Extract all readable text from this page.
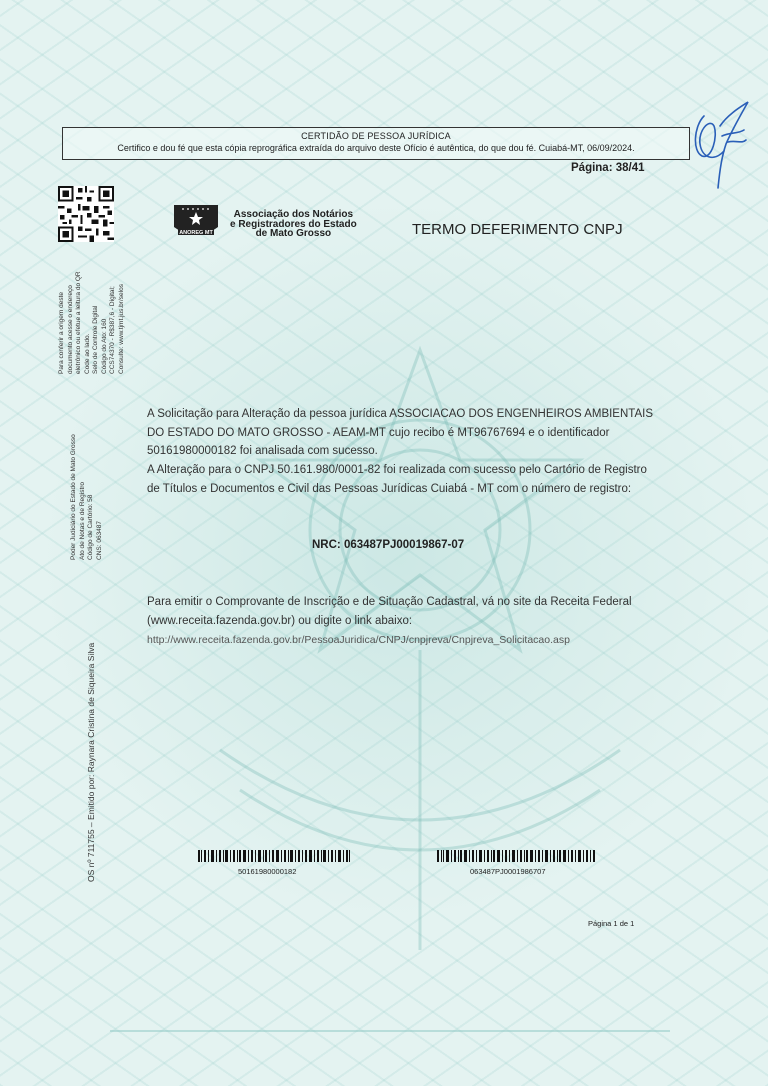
CERTIDÃO DE PESSOA JURÍDICA
Certifico e dou fé que esta cópia reprográfica extraída do arquivo deste Ofício é autêntica, do que dou fé. Cuiabá-MT, 06/09/2024.
Página: 38/41
Para conferir a origem deste documento acesse o endereço eletrônico ou efetue a leitura do QR Code ao lado. Selo de Controle Digital Código do Ato: 160 CCS74370 - R$387,6 - Digital; Consulte: www.tjmt.jus.br/selos
Poder Judiciário do Estado de Mato Grosso Ato de Notas e de Registro Código de Cartório: 58 CNS: 063487
OS nº 711755 – Emitido por: Raynara Cristina de Siqueira Silva
ANOREG MT
Associação dos Notários
e Registradores do Estado
de Mato Grosso	TERMO DEFERIMENTO CNPJ
A Solicitação para Alteração da pessoa jurídica ASSOCIACAO DOS ENGENHEIROS AMBIENTAIS DO ESTADO DO MATO GROSSO - AEAM-MT cujo recibo é MT96767694 e o identificador 50161980000182 foi analisada com sucesso.
A Alteração para o CNPJ 50.161.980/0001-82 foi realizada com sucesso pelo Cartório de Registro de Títulos e Documentos e Civil das Pessoas Jurídicas Cuiabá - MT com o número de registro:
NRC: 063487PJ00019867-07
Para emitir o Comprovante de Inscrição e de Situação Cadastral, vá no site da Receita Federal (www.receita.fazenda.gov.br) ou digite o link abaixo:
http://www.receita.fazenda.gov.br/PessoaJuridica/CNPJ/cnpjreva/Cnpjreva_Solicitacao.asp
50161980000182	063487PJ0001986707
Página 1 de 1
